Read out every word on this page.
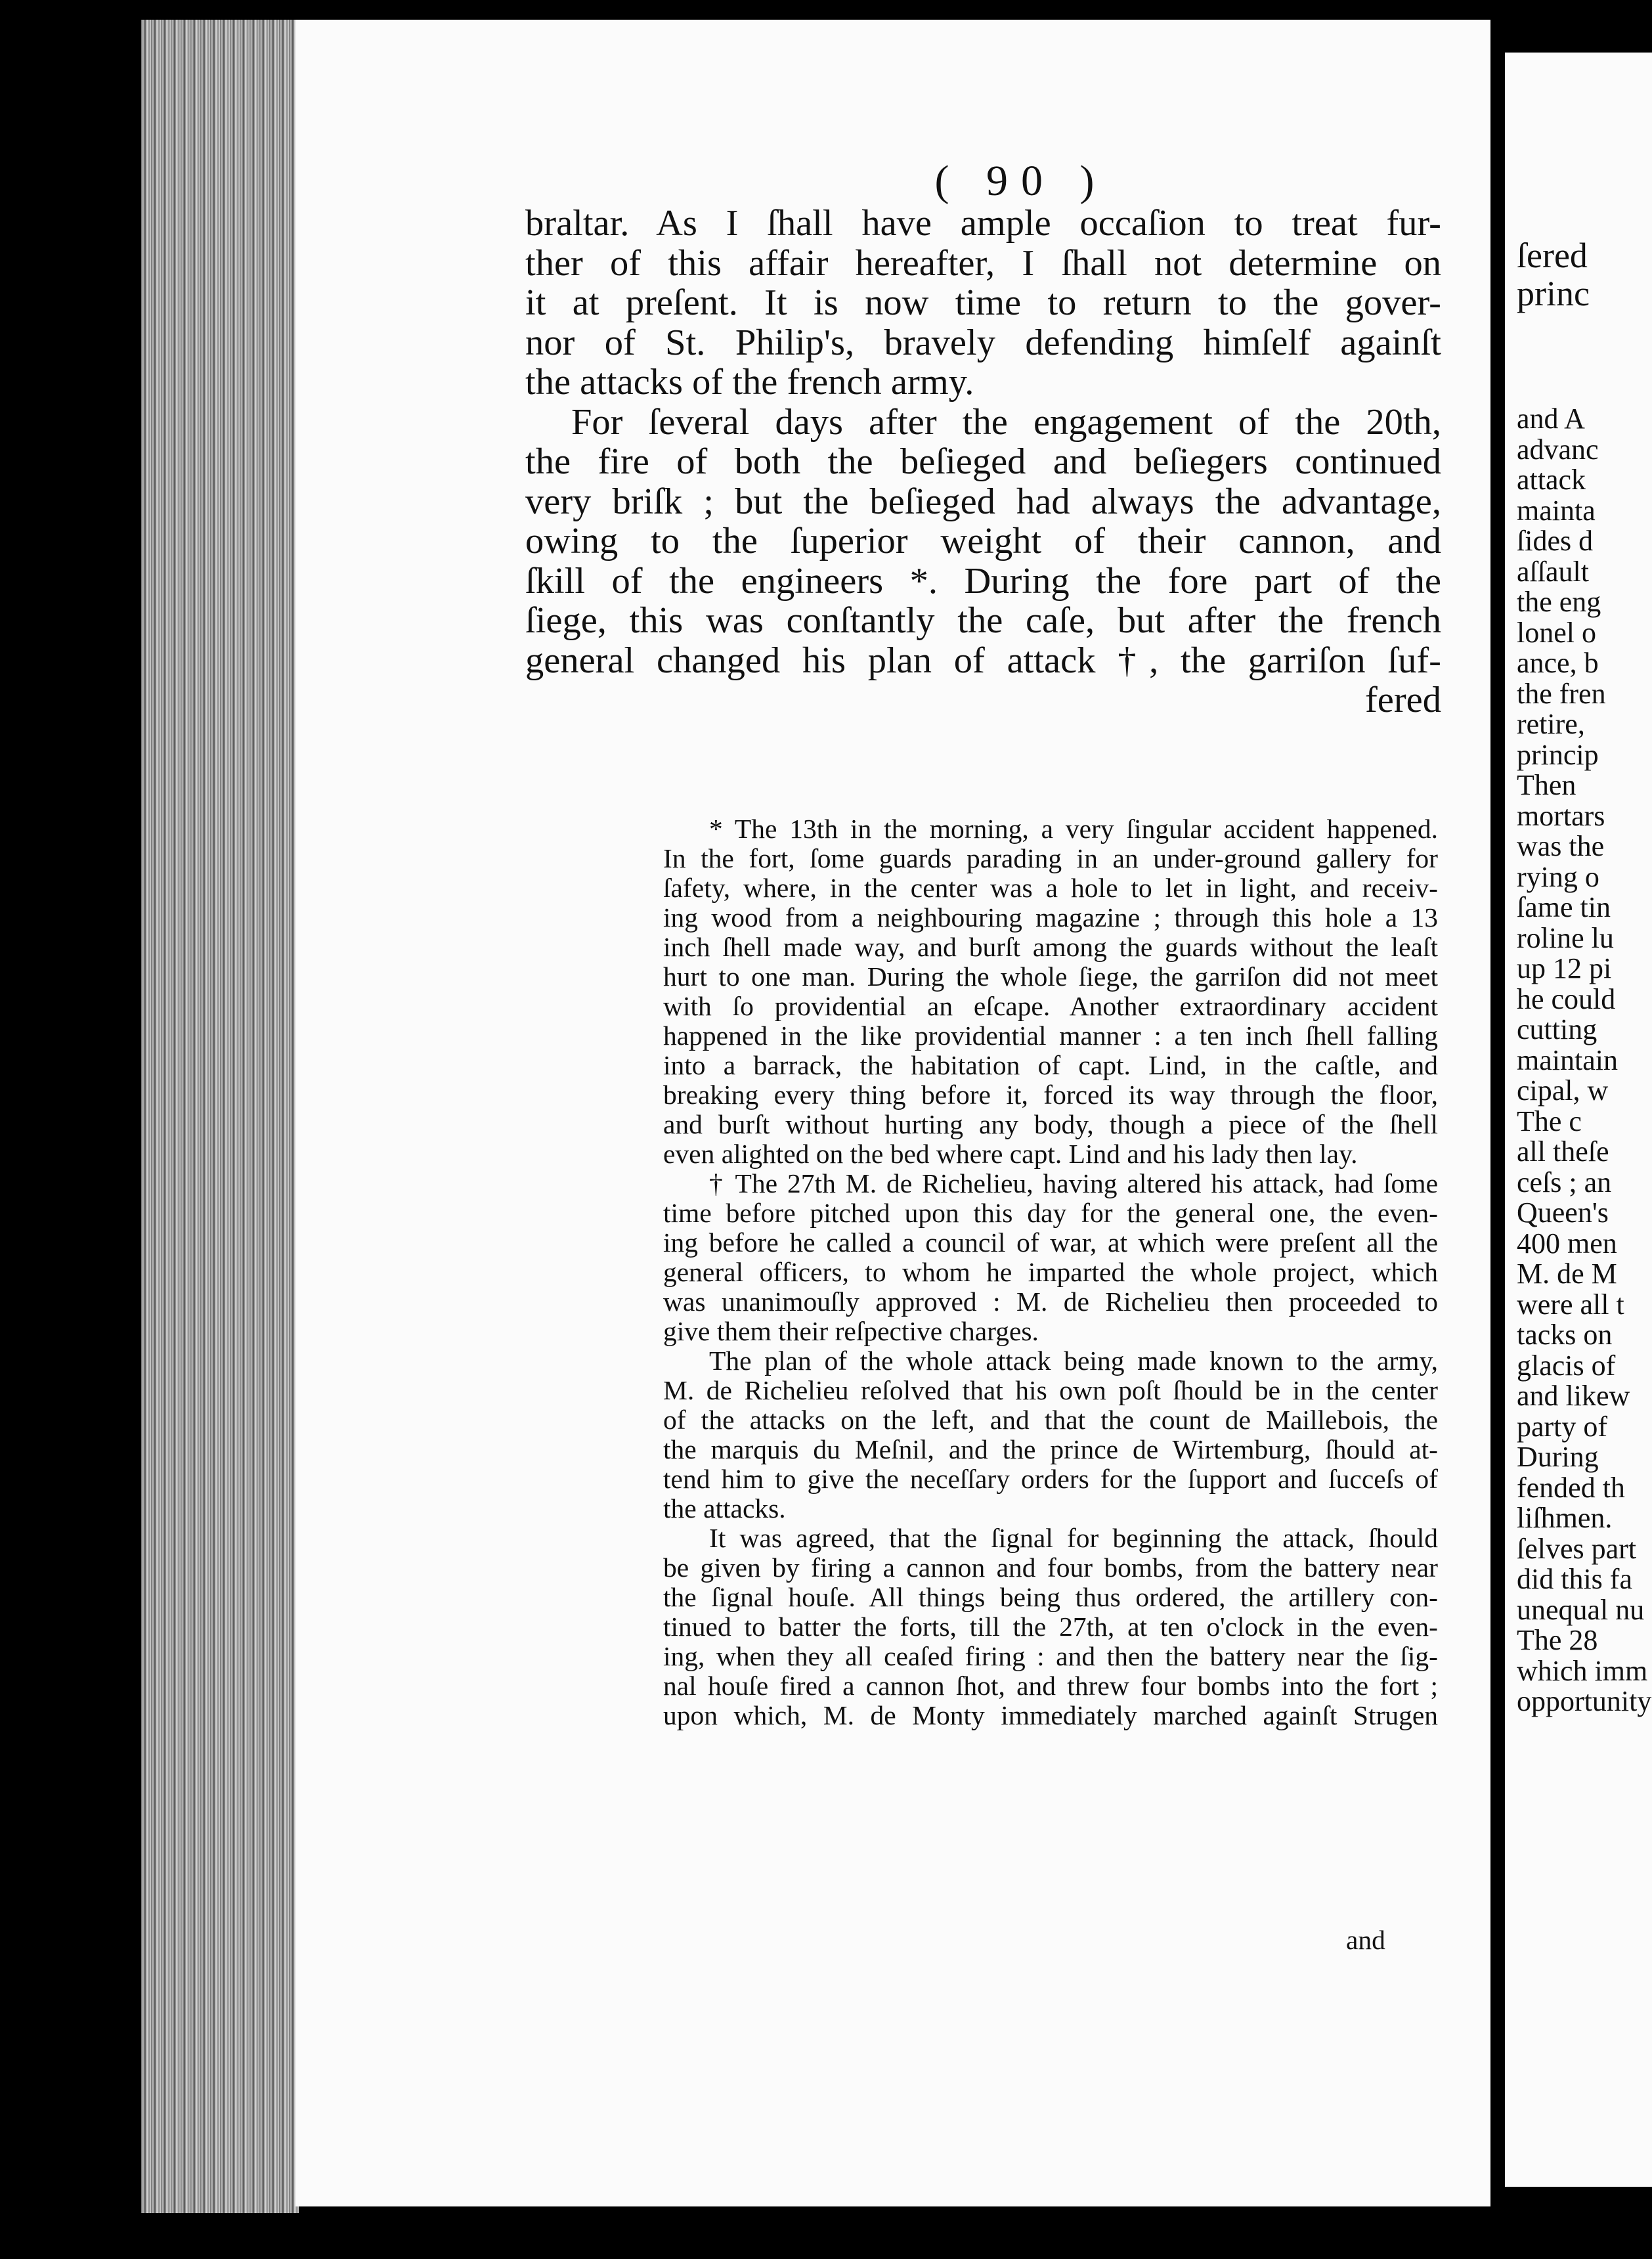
( 90 )

braltar. As I ſhall have ample occaſion to treat fur-
ther of this affair hereafter, I ſhall not determine on
it at preſent. It is now time to return to the gover-
nor of St. Philip's, bravely defending himſelf againſt
the attacks of the french army.
For ſeveral days after the engagement of the 20th,
the fire of both the beſieged and beſiegers continued
very briſk ; but the beſieged had always the advantage,
owing to the ſuperior weight of their cannon, and
ſkill of the engineers *. During the fore part of the
ſiege, this was conſtantly the caſe, but after the french
general changed his plan of attack †, the garriſon ſuf-
fered
* The 13th in the morning, a very ſingular accident happened.
In the fort, ſome guards parading in an under-ground gallery for
ſafety, where, in the center was a hole to let in light, and receiv-
ing wood from a neighbouring magazine ; through this hole a 13
inch ſhell made way, and burſt among the guards without the leaſt
hurt to one man. During the whole ſiege, the garriſon did not meet
with ſo providential an eſcape. Another extraordinary accident
happened in the like providential manner : a ten inch ſhell falling
into a barrack, the habitation of capt. Lind, in the caſtle, and
breaking every thing before it, forced its way through the floor,
and burſt without hurting any body, though a piece of the ſhell
even alighted on the bed where capt. Lind and his lady then lay.
† The 27th M. de Richelieu, having altered his attack, had ſome
time before pitched upon this day for the general one, the even-
ing before he called a council of war, at which were preſent all the
general officers, to whom he imparted the whole project, which
was unanimouſly approved : M. de Richelieu then proceeded to
give them their reſpective charges.
The plan of the whole attack being made known to the army,
M. de Richelieu reſolved that his own poſt ſhould be in the center
of the attacks on the left, and that the count de Maillebois, the
the marquis du Meſnil, and the prince de Wirtemburg, ſhould at-
tend him to give the neceſſary orders for the ſupport and ſucceſs of
the attacks.
It was agreed, that the ſignal for beginning the attack, ſhould
be given by firing a cannon and four bombs, from the battery near
the ſignal houſe. All things being thus ordered, the artillery con-
tinued to batter the forts, till the 27th, at ten o'clock in the even-
ing, when they all ceaſed firing : and then the battery near the ſig-
nal houſe fired a cannon ſhot, and threw four bombs into the fort ;
upon which, M. de Monty immediately marched againſt Strugen

and

ſered
princ
and A
advanc
attack
mainta
ſides d
aſſault
the eng
lonel o
ance, b
the fren
retire,
princip
Then
mortars
was the
rying o
ſame tin
roline lu
up 12 pi
he could
cutting
maintain
cipal, w
The c
all theſe
ceſs ; an
Queen's
400 men
M. de M
were all t
tacks on
glacis of
and likew
party of
During
fended th
liſhmen.
ſelves part
did this fa
unequal nu
The 28
which imm
opportunity
